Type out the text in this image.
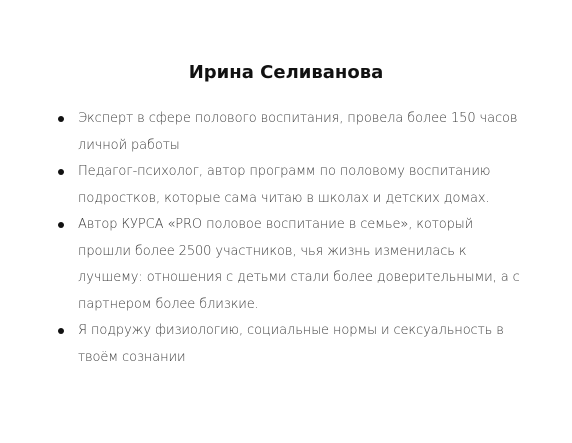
Ирина Селиванова
Эксперт в сфере полового воспитания, провела более 150 часов личной работы
Педагог-психолог, автор программ по половому воспитанию подростков, которые сама читаю в школах и детских домах.
Автор КУРСА «PRO половое воспитание в семье», который прошли более 2500 участников, чья жизнь изменилась к лучшему: отношения с детьми стали более доверительными, а с партнером более близкие.
Я подружу физиологию, социальные нормы и сексуальность в твоём сознании
